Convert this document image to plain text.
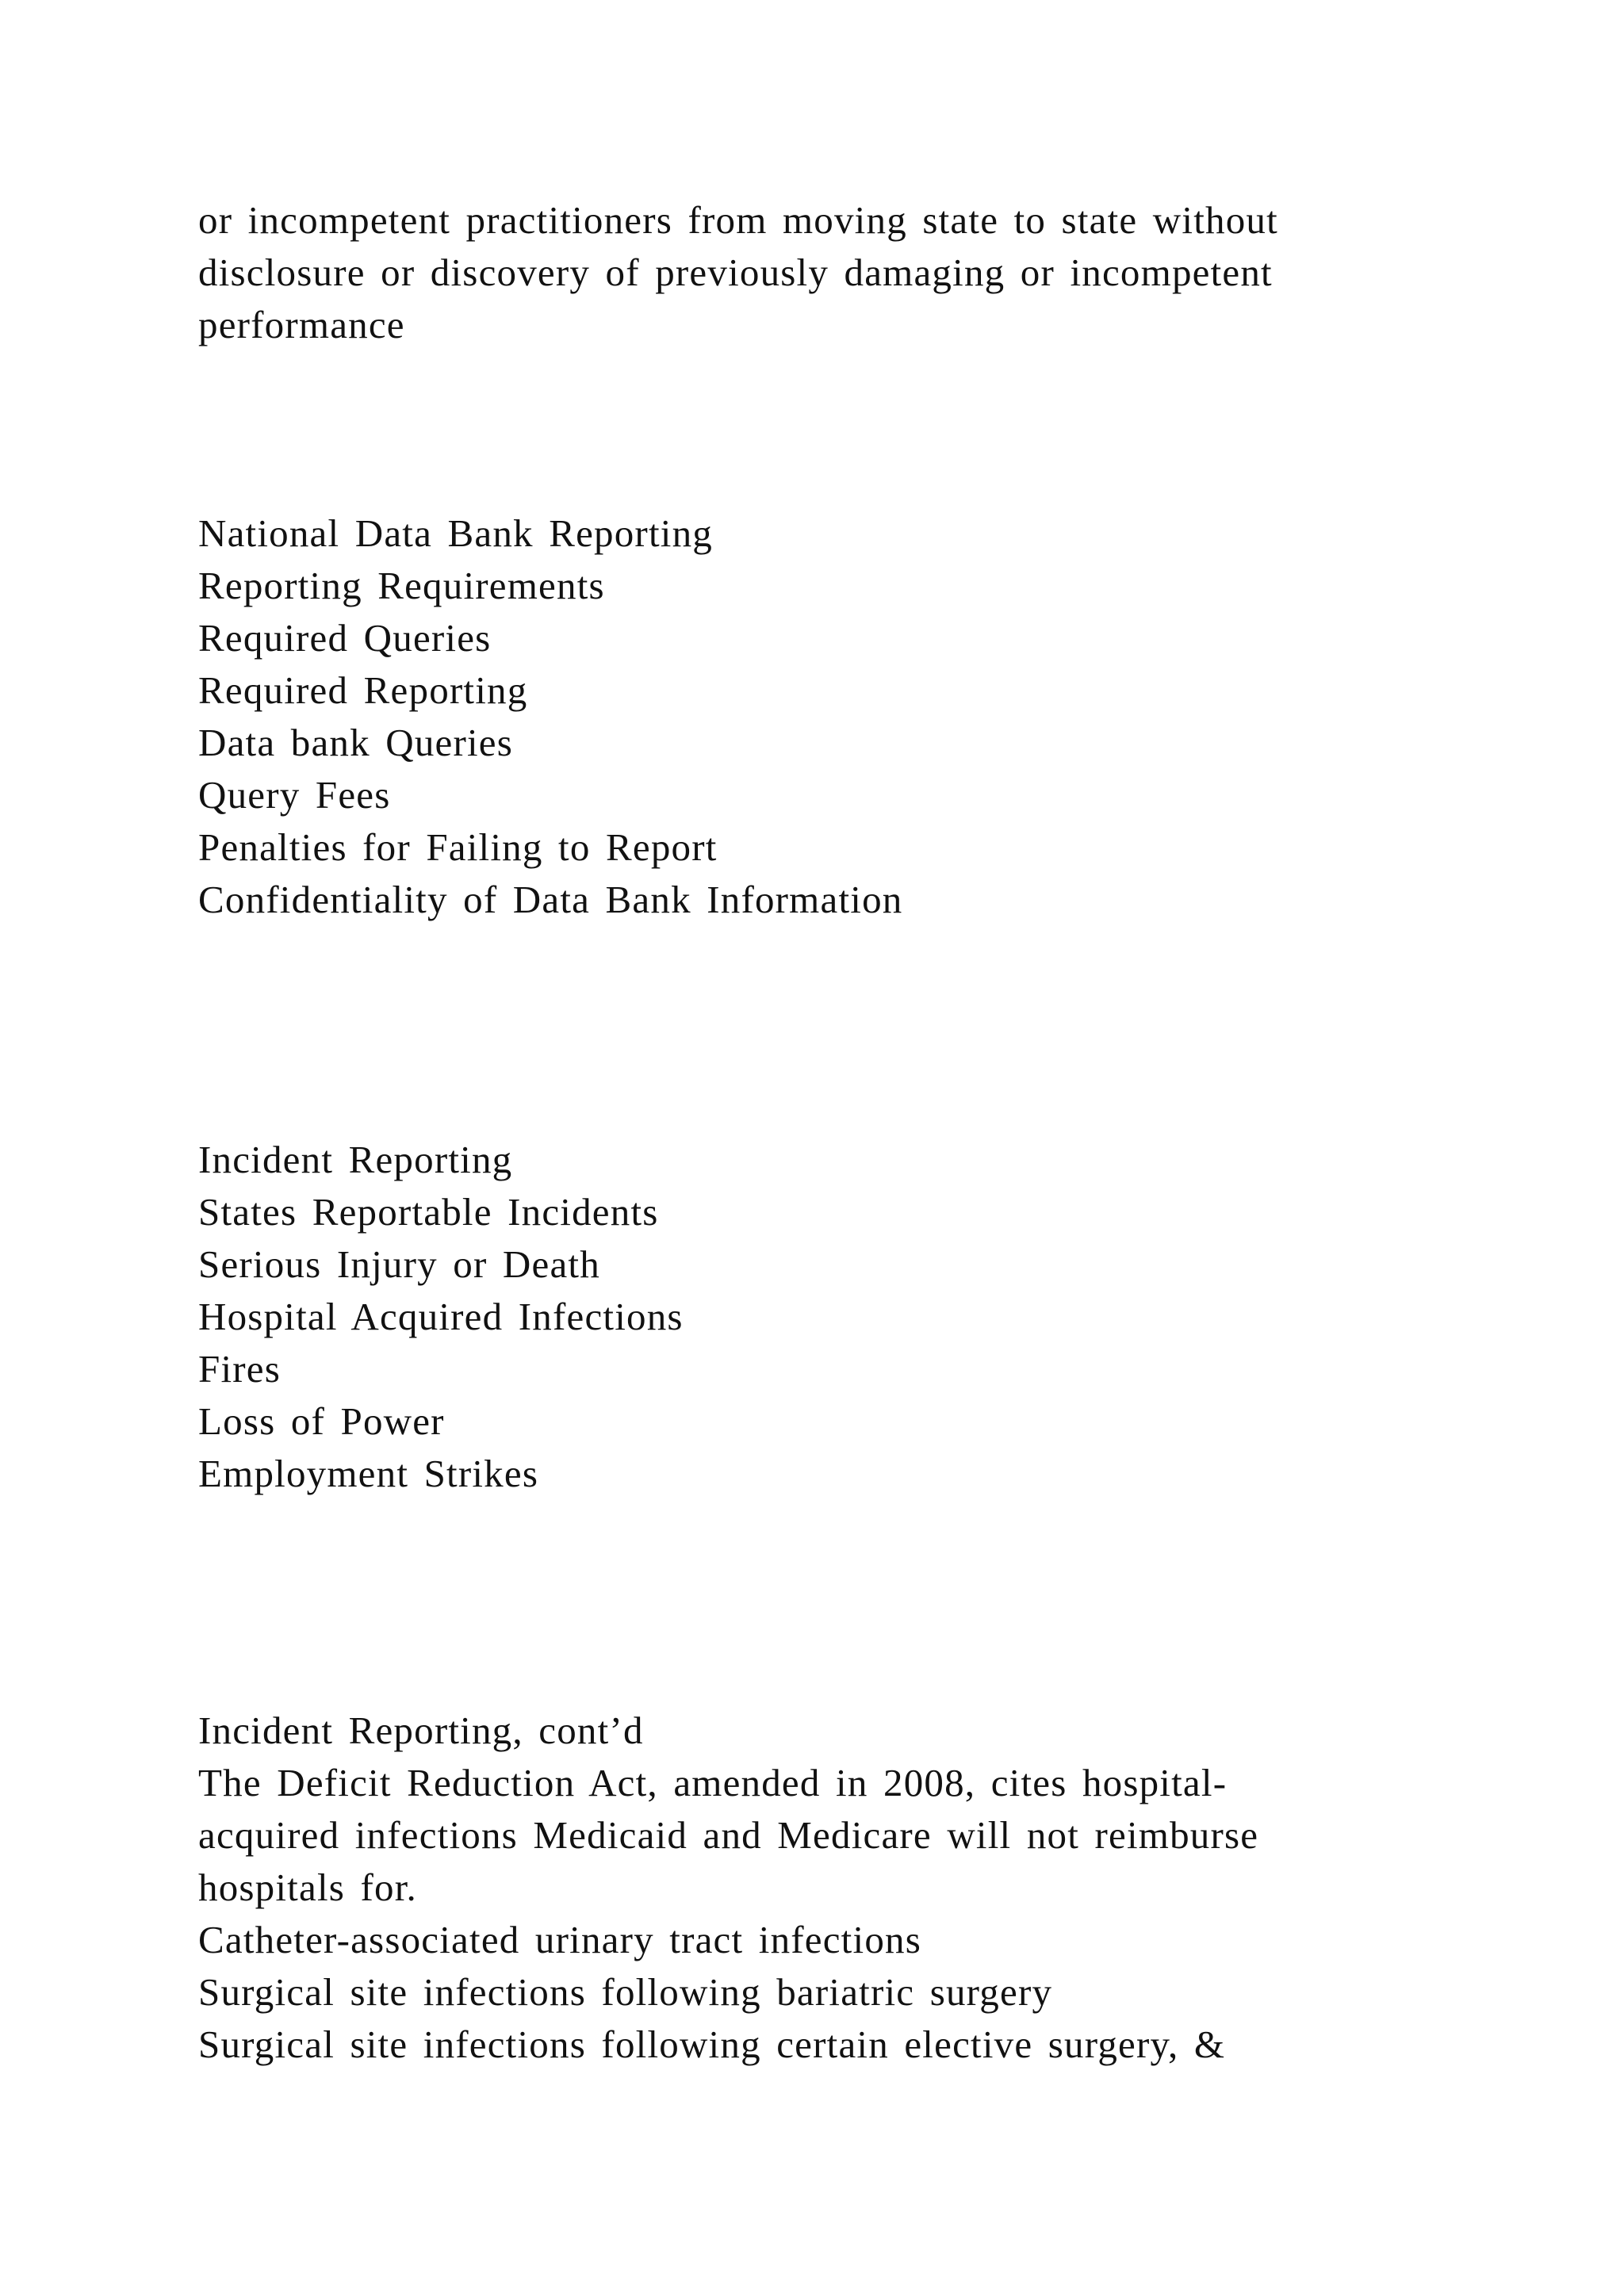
or incompetent practitioners from moving state to state without
disclosure or discovery of previously damaging or incompetent
performance
National Data Bank Reporting
Reporting Requirements
Required Queries
Required Reporting
Data bank Queries
Query Fees
Penalties for Failing to Report
Confidentiality of Data Bank Information
Incident Reporting
States Reportable Incidents
Serious Injury or Death
Hospital Acquired Infections
Fires
Loss of Power
Employment Strikes
Incident Reporting, cont’d
The Deficit Reduction Act, amended in 2008, cites hospital-
acquired infections Medicaid and Medicare will not reimburse
hospitals for.
Catheter-associated urinary tract infections
Surgical site infections following bariatric surgery
Surgical site infections following certain elective surgery, &
